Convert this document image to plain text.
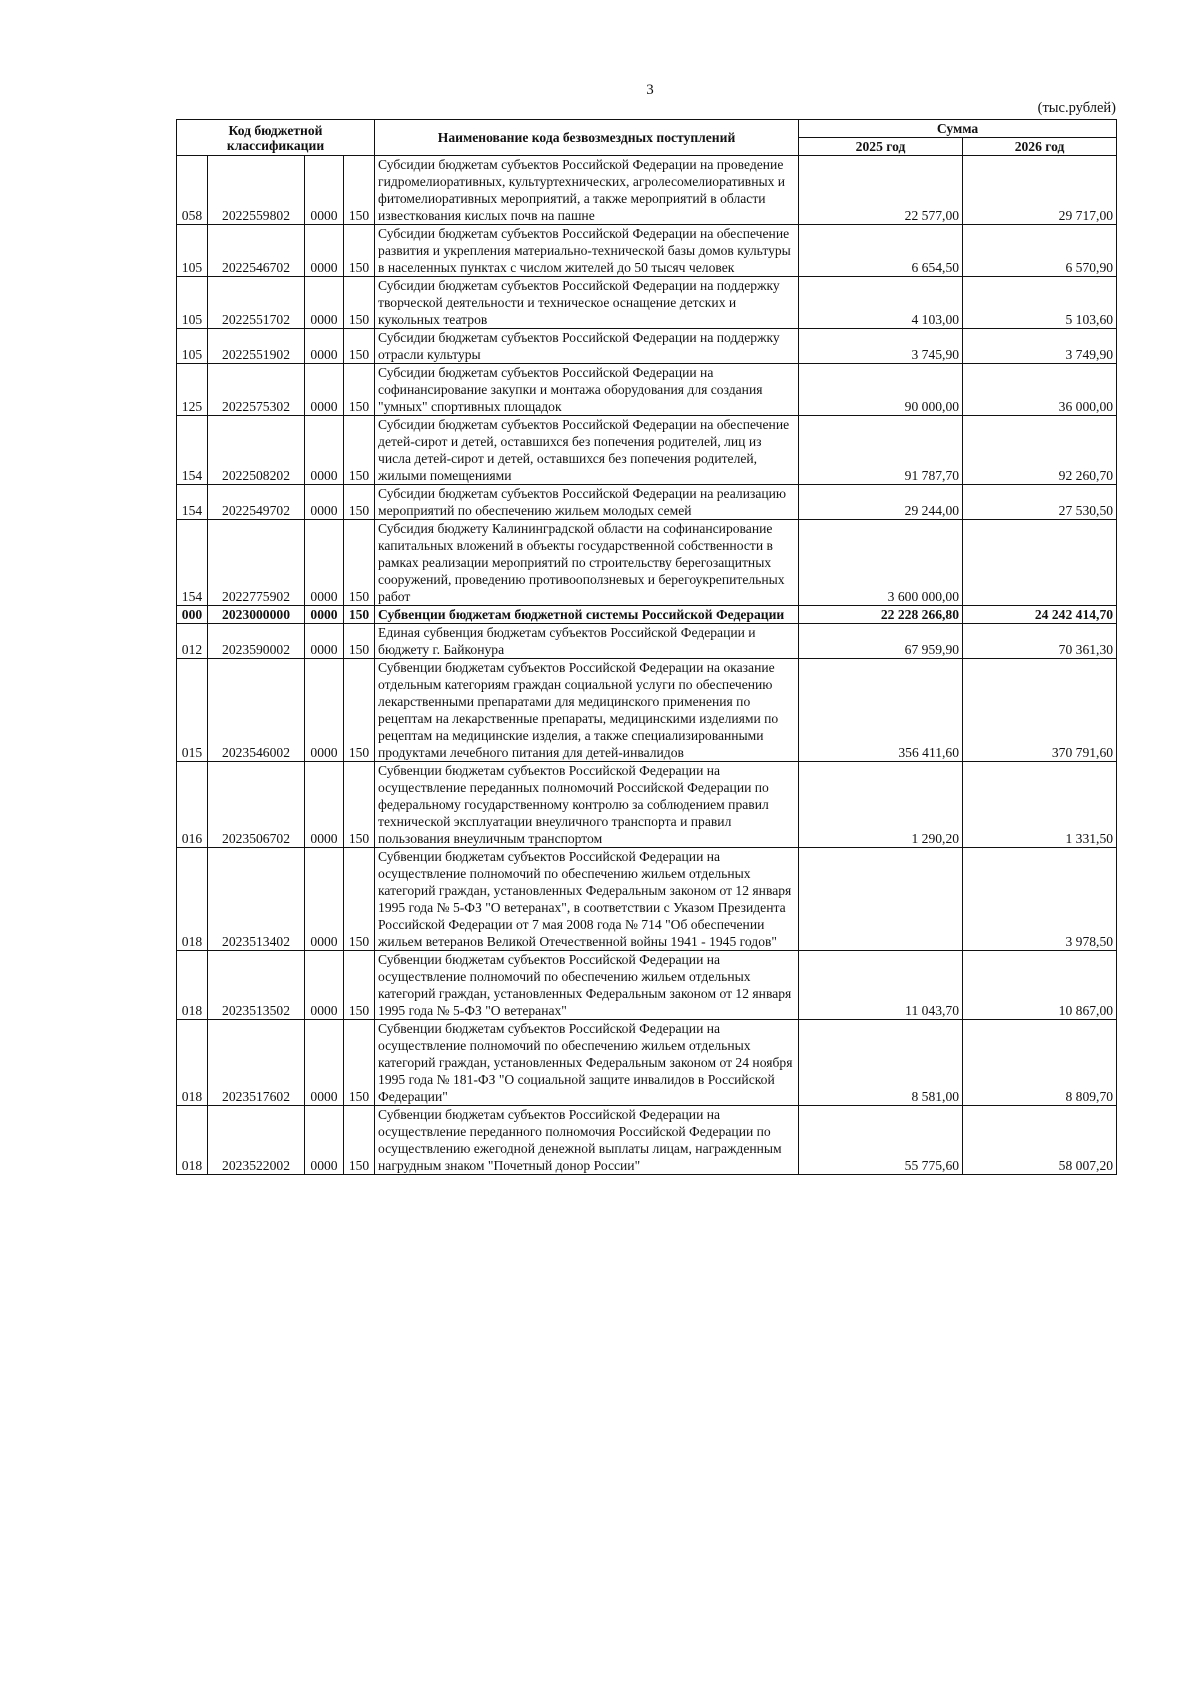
3
(тыс.рублей)
Код бюджетной классификации				Наименование кода безвозмездных поступлений	Сумма	
					2025 год	2026 год
058	2022559802	0000	150	Субсидии бюджетам субъектов Российской Федерации на проведение гидромелиоративных, культуртехнических, агролесомелиоративных и фитомелиоративных мероприятий, а также мероприятий в области известкования кислых почв на пашне	22 577,00	29 717,00
105	2022546702	0000	150	Субсидии бюджетам субъектов Российской Федерации на обеспечение развития и укрепления материально-технической базы домов культуры в населенных пунктах с числом жителей до 50 тысяч человек	6 654,50	6 570,90
105	2022551702	0000	150	Субсидии бюджетам субъектов Российской Федерации на поддержку творческой деятельности и техническое оснащение детских и кукольных театров	4 103,00	5 103,60
105	2022551902	0000	150	Субсидии бюджетам субъектов Российской Федерации на поддержку отрасли культуры	3 745,90	3 749,90
125	2022575302	0000	150	Субсидии бюджетам субъектов Российской Федерации на софинансирование закупки и монтажа оборудования для создания "умных" спортивных площадок	90 000,00	36 000,00
154	2022508202	0000	150	Субсидии бюджетам субъектов Российской Федерации на обеспечение детей-сирот и детей, оставшихся без попечения родителей, лиц из числа детей-сирот и детей, оставшихся без попечения родителей, жилыми помещениями	91 787,70	92 260,70
154	2022549702	0000	150	Субсидии бюджетам субъектов Российской Федерации на реализацию мероприятий по обеспечению жильем молодых семей	29 244,00	27 530,50
154	2022775902	0000	150	Субсидия бюджету Калининградской области на софинансирование капитальных вложений в объекты государственной собственности в рамках реализации мероприятий по строительству берегозащитных сооружений, проведению противооползневых и берегоукрепительных работ	3 600 000,00	
000	2023000000	0000	150	Субвенции бюджетам бюджетной системы Российской Федерации	22 228 266,80	24 242 414,70
012	2023590002	0000	150	Единая субвенция бюджетам субъектов Российской Федерации и бюджету г. Байконура	67 959,90	70 361,30
015	2023546002	0000	150	Субвенции бюджетам субъектов Российской Федерации на оказание отдельным категориям граждан социальной услуги по обеспечению лекарственными препаратами для медицинского применения по рецептам на лекарственные препараты, медицинскими изделиями по рецептам на медицинские изделия, а также специализированными продуктами лечебного питания для детей-инвалидов	356 411,60	370 791,60
016	2023506702	0000	150	Субвенции бюджетам субъектов Российской Федерации на осуществление переданных полномочий Российской Федерации по федеральному государственному контролю за соблюдением правил технической эксплуатации внеуличного транспорта и правил пользования внеуличным транспортом	1 290,20	1 331,50
018	2023513402	0000	150	Субвенции бюджетам субъектов Российской Федерации на осуществление полномочий по обеспечению жильем отдельных категорий граждан, установленных Федеральным законом от 12 января 1995 года № 5-ФЗ "О ветеранах", в соответствии с Указом Президента Российской Федерации от 7 мая 2008 года № 714 "Об обеспечении жильем ветеранов Великой Отечественной войны 1941 - 1945 годов"		3 978,50
018	2023513502	0000	150	Субвенции бюджетам субъектов Российской Федерации на осуществление полномочий по обеспечению жильем отдельных категорий граждан, установленных Федеральным законом от 12 января 1995 года № 5-ФЗ "О ветеранах"	11 043,70	10 867,00
018	2023517602	0000	150	Субвенции бюджетам субъектов Российской Федерации на осуществление полномочий по обеспечению жильем отдельных категорий граждан, установленных Федеральным законом от 24 ноября 1995 года № 181-ФЗ "О социальной защите инвалидов в Российской Федерации"	8 581,00	8 809,70
018	2023522002	0000	150	Субвенции бюджетам субъектов Российской Федерации на осуществление переданного полномочия Российской Федерации по осуществлению ежегодной денежной выплаты лицам, награжденным нагрудным знаком "Почетный донор России"	55 775,60	58 007,20
